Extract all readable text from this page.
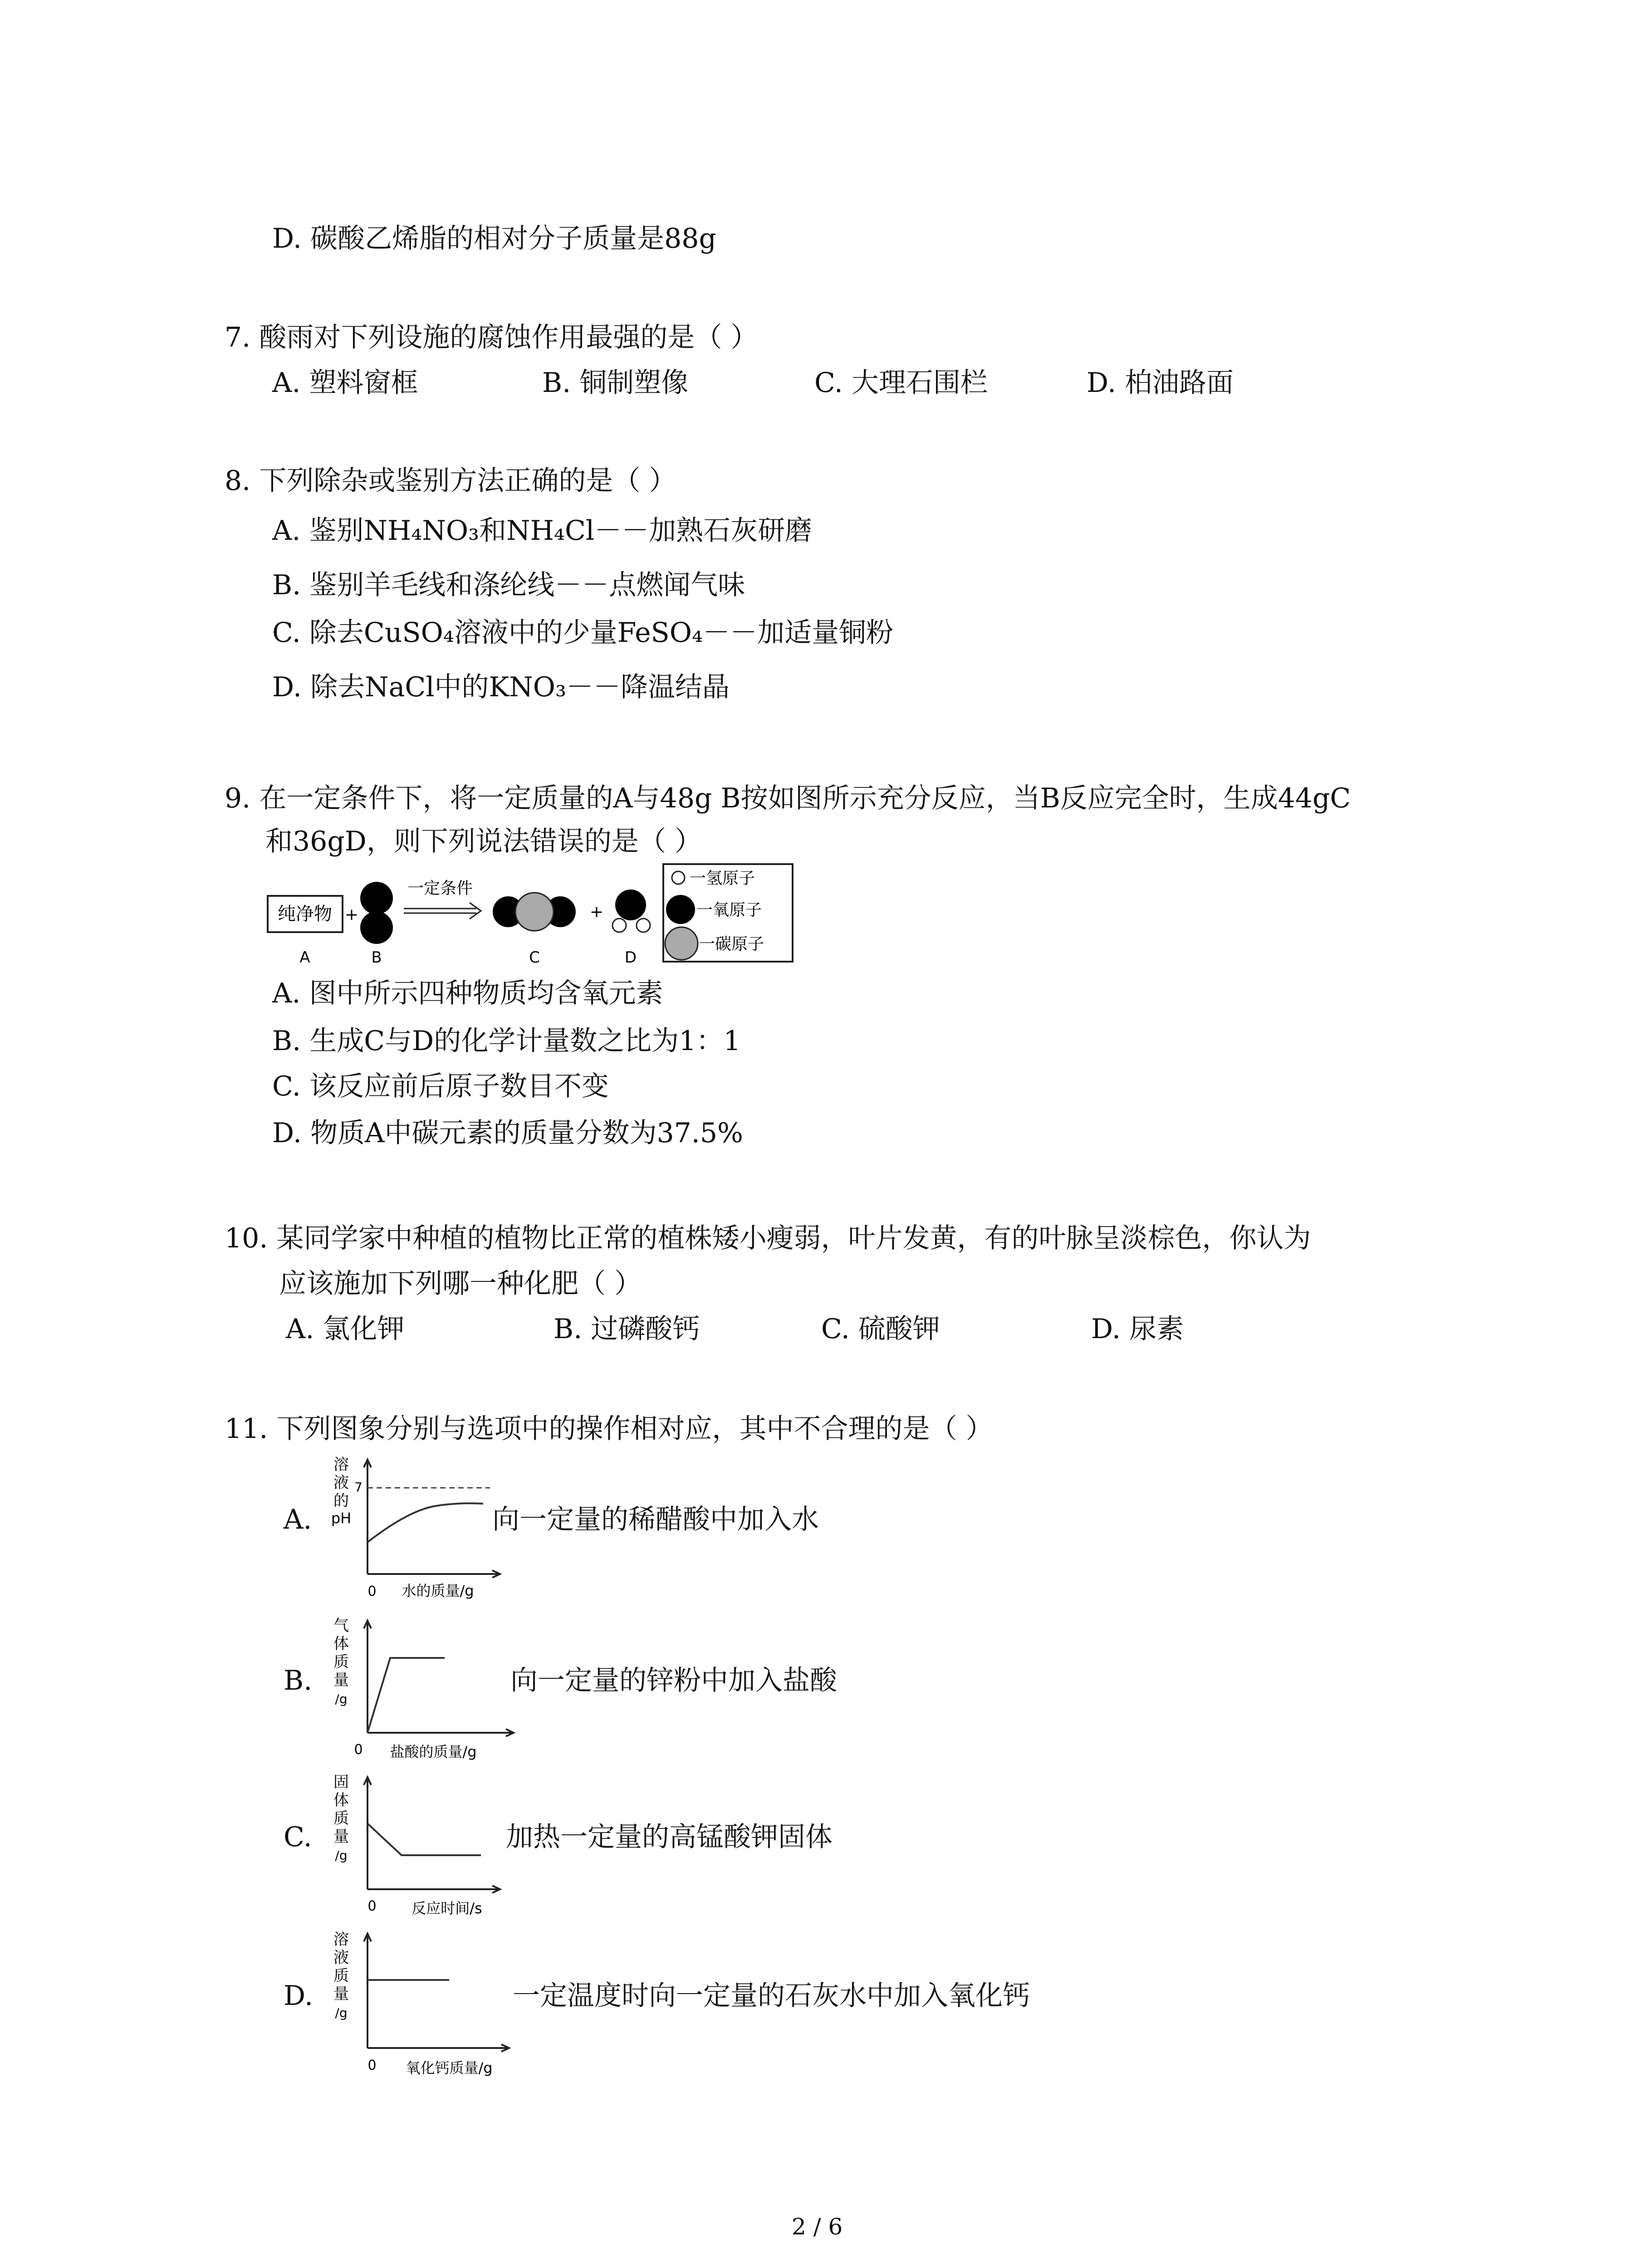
D. 碳酸乙烯脂的相对分子质量是88g
7. 酸雨对下列设施的腐蚀作用最强的是（ ）
A. 塑料窗框	B. 铜制塑像	C. 大理石围栏	D. 柏油路面
8. 下列除杂或鉴别方法正确的是（ ）
A. 鉴别NH₄NO₃和NH₄Cl－－加熟石灰研磨
B. 鉴别羊毛线和涤纶线－－点燃闻气味
C. 除去CuSO₄溶液中的少量FeSO₄－－加适量铜粉
D. 除去NaCl中的KNO₃－－降温结晶
9. 在一定条件下，将一定质量的A与48g B按如图所示充分反应，当B反应完全时，生成44gC
和36gD，则下列说法错误的是（ ）
纯净物 +
一定条件
+
A	B	C	D
一氢原子
一氧原子
一碳原子
A. 图中所示四种物质均含氧元素
B. 生成C与D的化学计量数之比为1：1
C. 该反应前后原子数目不变
D. 物质A中碳元素的质量分数为37.5%
10. 某同学家中种植的植物比正常的植株矮小瘦弱，叶片发黄，有的叶脉呈淡棕色，你认为
应该施加下列哪一种化肥（ ）
A. 氯化钾	B. 过磷酸钙	C. 硫酸钾	D. 尿素
11. 下列图象分别与选项中的操作相对应，其中不合理的是（ ）
A.
溶
液
的
pH
7
0 水的质量/g
向一定量的稀醋酸中加入水
B.
气
体
质
量
/g
0 盐酸的质量/g
向一定量的锌粉中加入盐酸
C.
固
体
质
量
/g
0 反应时间/s
加热一定量的高锰酸钾固体
D.
溶
液
质
量
/g
0 氧化钙质量/g
一定温度时向一定量的石灰水中加入氧化钙
2 / 6
